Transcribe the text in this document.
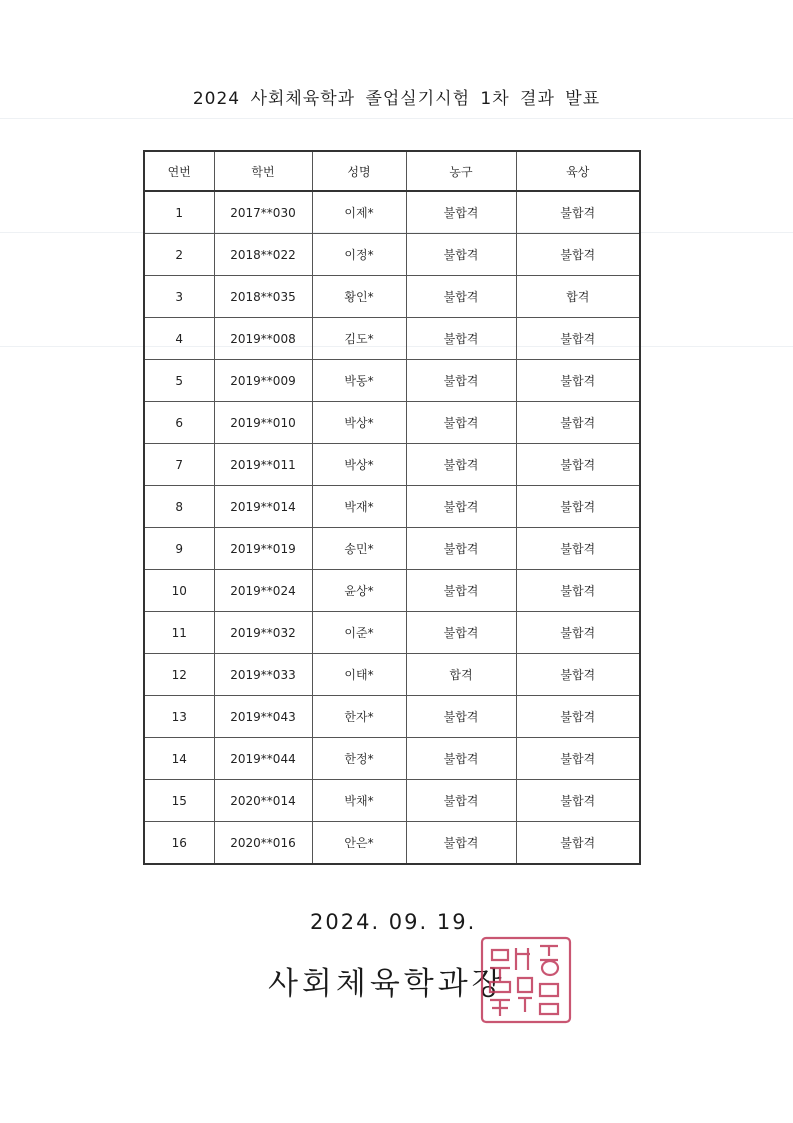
2024 사회체육학과 졸업실기시험 1차 결과 발표
연번	학번	성명	농구	육상
1	2017**030	이제*	불합격	불합격
2	2018**022	이정*	불합격	불합격
3	2018**035	황인*	불합격	합격
4	2019**008	김도*	불합격	불합격
5	2019**009	박동*	불합격	불합격
6	2019**010	박상*	불합격	불합격
7	2019**011	박상*	불합격	불합격
8	2019**014	박재*	불합격	불합격
9	2019**019	송민*	불합격	불합격
10	2019**024	윤상*	불합격	불합격
11	2019**032	이준*	불합격	불합격
12	2019**033	이태*	합격	불합격
13	2019**043	한자*	불합격	불합격
14	2019**044	한정*	불합격	불합격
15	2020**014	박채*	불합격	불합격
16	2020**016	안은*	불합격	불합격
2024. 09. 19.
사회체육학과장
